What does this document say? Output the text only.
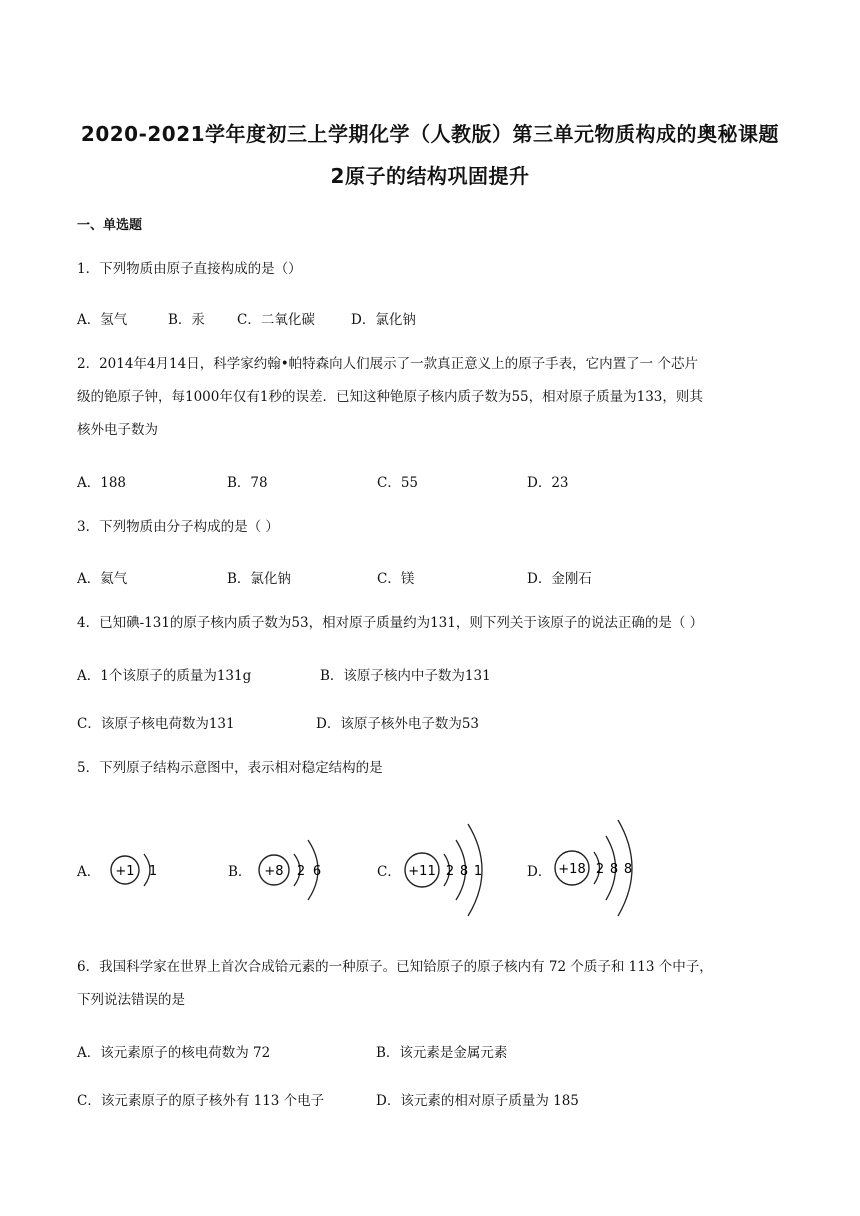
2020-2021学年度初三上学期化学（人教版）第三单元物质构成的奥秘课题
2原子的结构巩固提升
一、单选题
1．下列物质由原子直接构成的是（）
A．氢气	B．汞 C．二氧化碳	D．氯化钠
2．2014年4月14日，科学家约翰•帕特森向人们展示了一款真正意义上的原子手表，它内置了一 个芯片
级的铯原子钟，每1000年仅有1秒的误差．已知这种铯原子核内质子数为55，相对原子质量为133，则其
核外电子数为
A．188	B．78	C．55	D．23
3．下列物质由分子构成的是（ ）
A．氦气	B．氯化钠	C．镁	D．金刚石
4．已知碘-131的原子核内质子数为53，相对原子质量约为131，则下列关于该原子的说法正确的是（ ）
A．1个该原子的质量为131g	B．该原子核内中子数为131
C．该原子核电荷数为131	D．该原子核外电子数为53
5．下列原子结构示意图中，表示相对稳定结构的是
A．	B．	C．	D．
+1 1	+8 2 6	+11 2 8 1	+18 2 8 8
6．我国科学家在世界上首次合成铪元素的一种原子。已知铪原子的原子核内有 72 个质子和 113 个中子，
下列说法错误的是
A．该元素原子的核电荷数为 72	B．该元素是金属元素
C．该元素原子的原子核外有 113 个电子	D．该元素的相对原子质量为 185
